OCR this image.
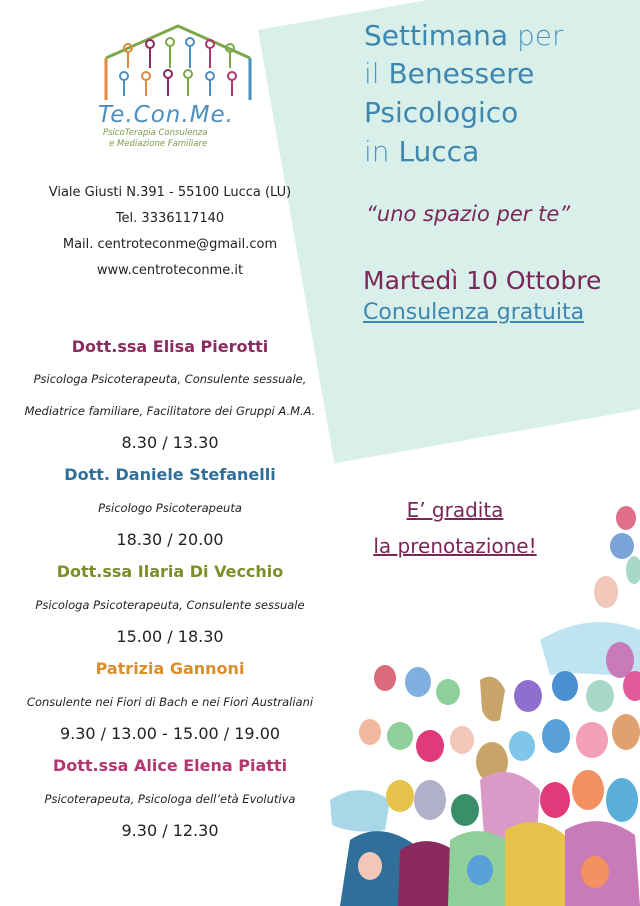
Te.Con.Me.
PsicoTerapia Consulenza
e Mediazione Familiare
Viale Giusti N.391 - 55100 Lucca (LU)
Tel. 3336117140
Mail. centroteconme@gmail.com
www.centroteconme.it
Settimana per
il Benessere
Psicologico
in Lucca
“uno spazio per te”
Martedì 10 Ottobre
Consulenza gratuita
E’ gradita
la prenotazione!
Dott.ssa Elisa Pierotti
Psicologa Psicoterapeuta, Consulente sessuale,
Mediatrice familiare, Facilitatore dei Gruppi A.M.A.
8.30 / 13.30
Dott. Daniele Stefanelli
Psicologo Psicoterapeuta
18.30 / 20.00
Dott.ssa Ilaria Di Vecchio
Psicologa Psicoterapeuta, Consulente sessuale
15.00 / 18.30
Patrizia Gannoni
Consulente nei Fiori di Bach e nei Fiori Australiani
9.30 / 13.00 - 15.00 / 19.00
Dott.ssa Alice Elena Piatti
Psicoterapeuta, Psicologa dell’età Evolutiva
9.30 / 12.30
